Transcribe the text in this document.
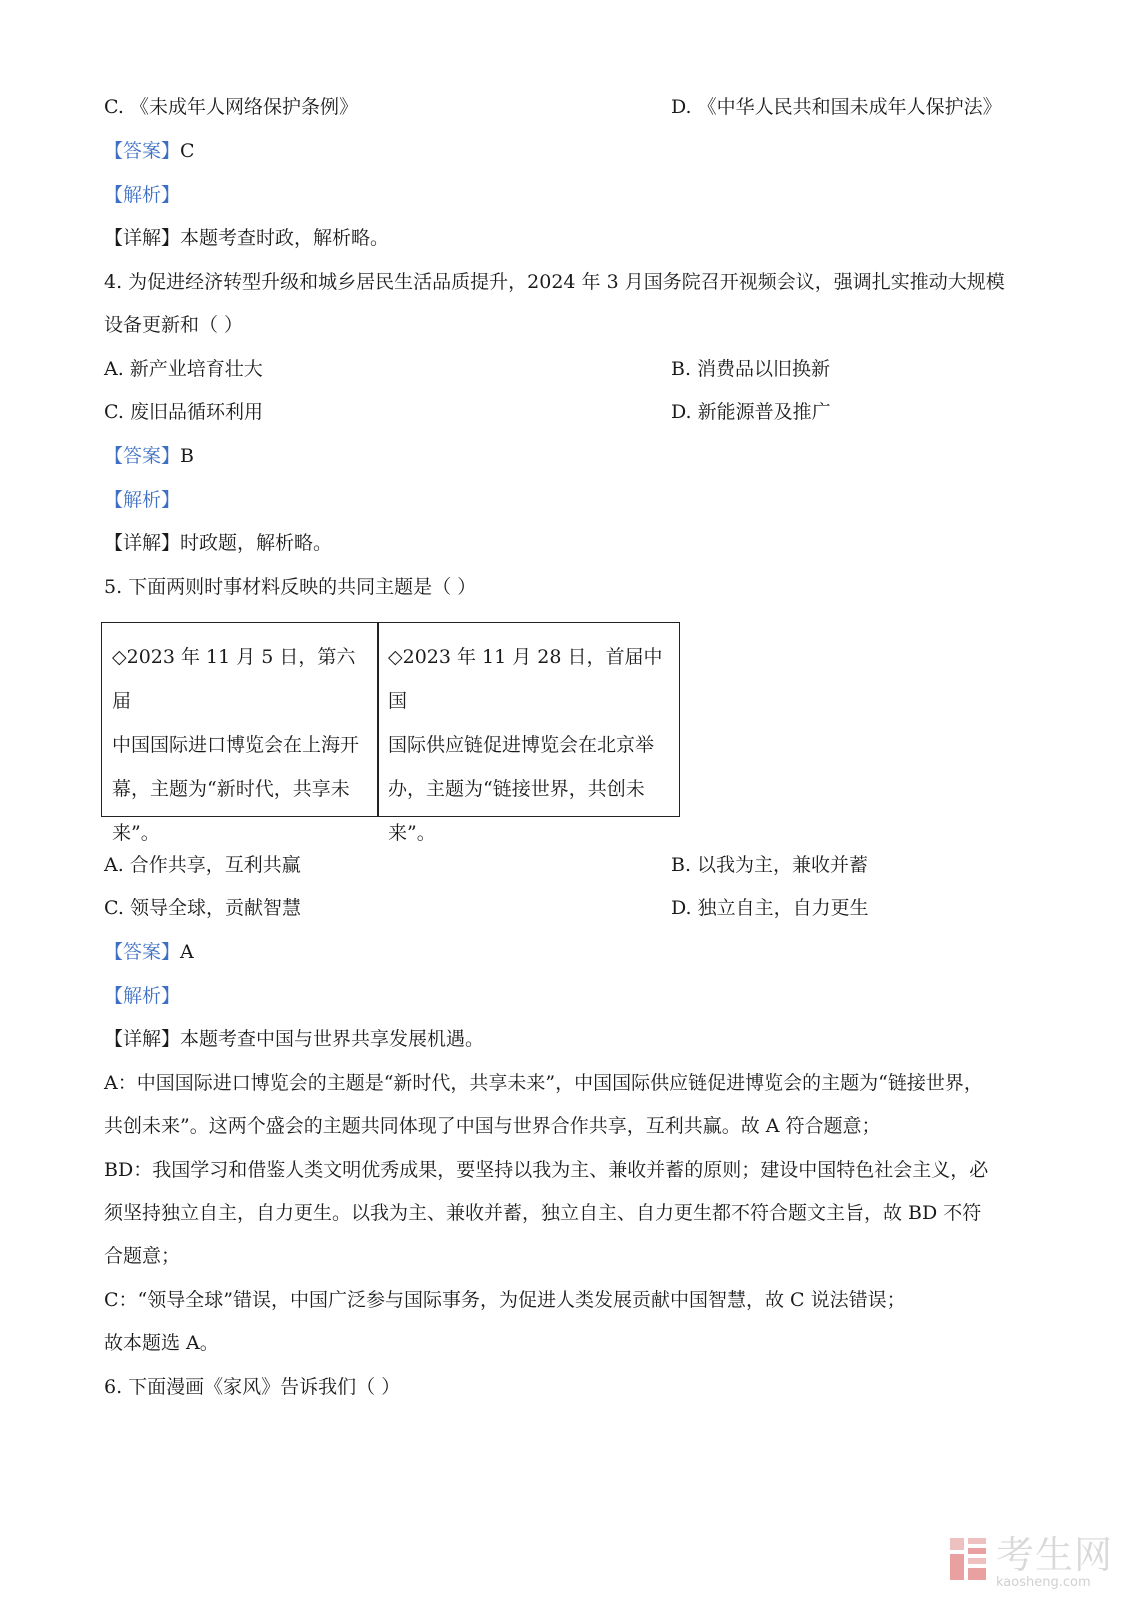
C. 《未成年人网络保护条例》	D. 《中华人民共和国未成年人保护法》
【答案】C
【解析】
【详解】本题考查时政，解析略。
4. 为促进经济转型升级和城乡居民生活品质提升，2024 年 3 月国务院召开视频会议，强调扎实推动大规模
设备更新和（ ）
A. 新产业培育壮大	B. 消费品以旧换新
C. 废旧品循环利用	D. 新能源普及推广
【答案】B
【解析】
【详解】时政题，解析略。
5. 下面两则时事材料反映的共同主题是（ ）
◇2023 年 11 月 5 日，第六届
中国国际进口博览会在上海开
幕，主题为“新时代，共享未
来”。
◇2023 年 11 月 28 日，首届中国
国际供应链促进博览会在北京举
办，主题为“链接世界，共创未
来”。
A. 合作共享，互利共赢	B. 以我为主，兼收并蓄
C. 领导全球，贡献智慧	D. 独立自主，自力更生
【答案】A
【解析】
【详解】本题考查中国与世界共享发展机遇。
A：中国国际进口博览会的主题是“新时代，共享未来”，中国国际供应链促进博览会的主题为“链接世界，
共创未来”。这两个盛会的主题共同体现了中国与世界合作共享，互利共赢。故 A 符合题意；
BD：我国学习和借鉴人类文明优秀成果，要坚持以我为主、兼收并蓄的原则；建设中国特色社会主义，必
须坚持独立自主，自力更生。以我为主、兼收并蓄，独立自主、自力更生都不符合题文主旨，故 BD 不符
合题意；
C：“领导全球”错误，中国广泛参与国际事务，为促进人类发展贡献中国智慧，故 C 说法错误；
故本题选 A。
6. 下面漫画《家风》告诉我们（ ）
考生网
kaosheng.com
